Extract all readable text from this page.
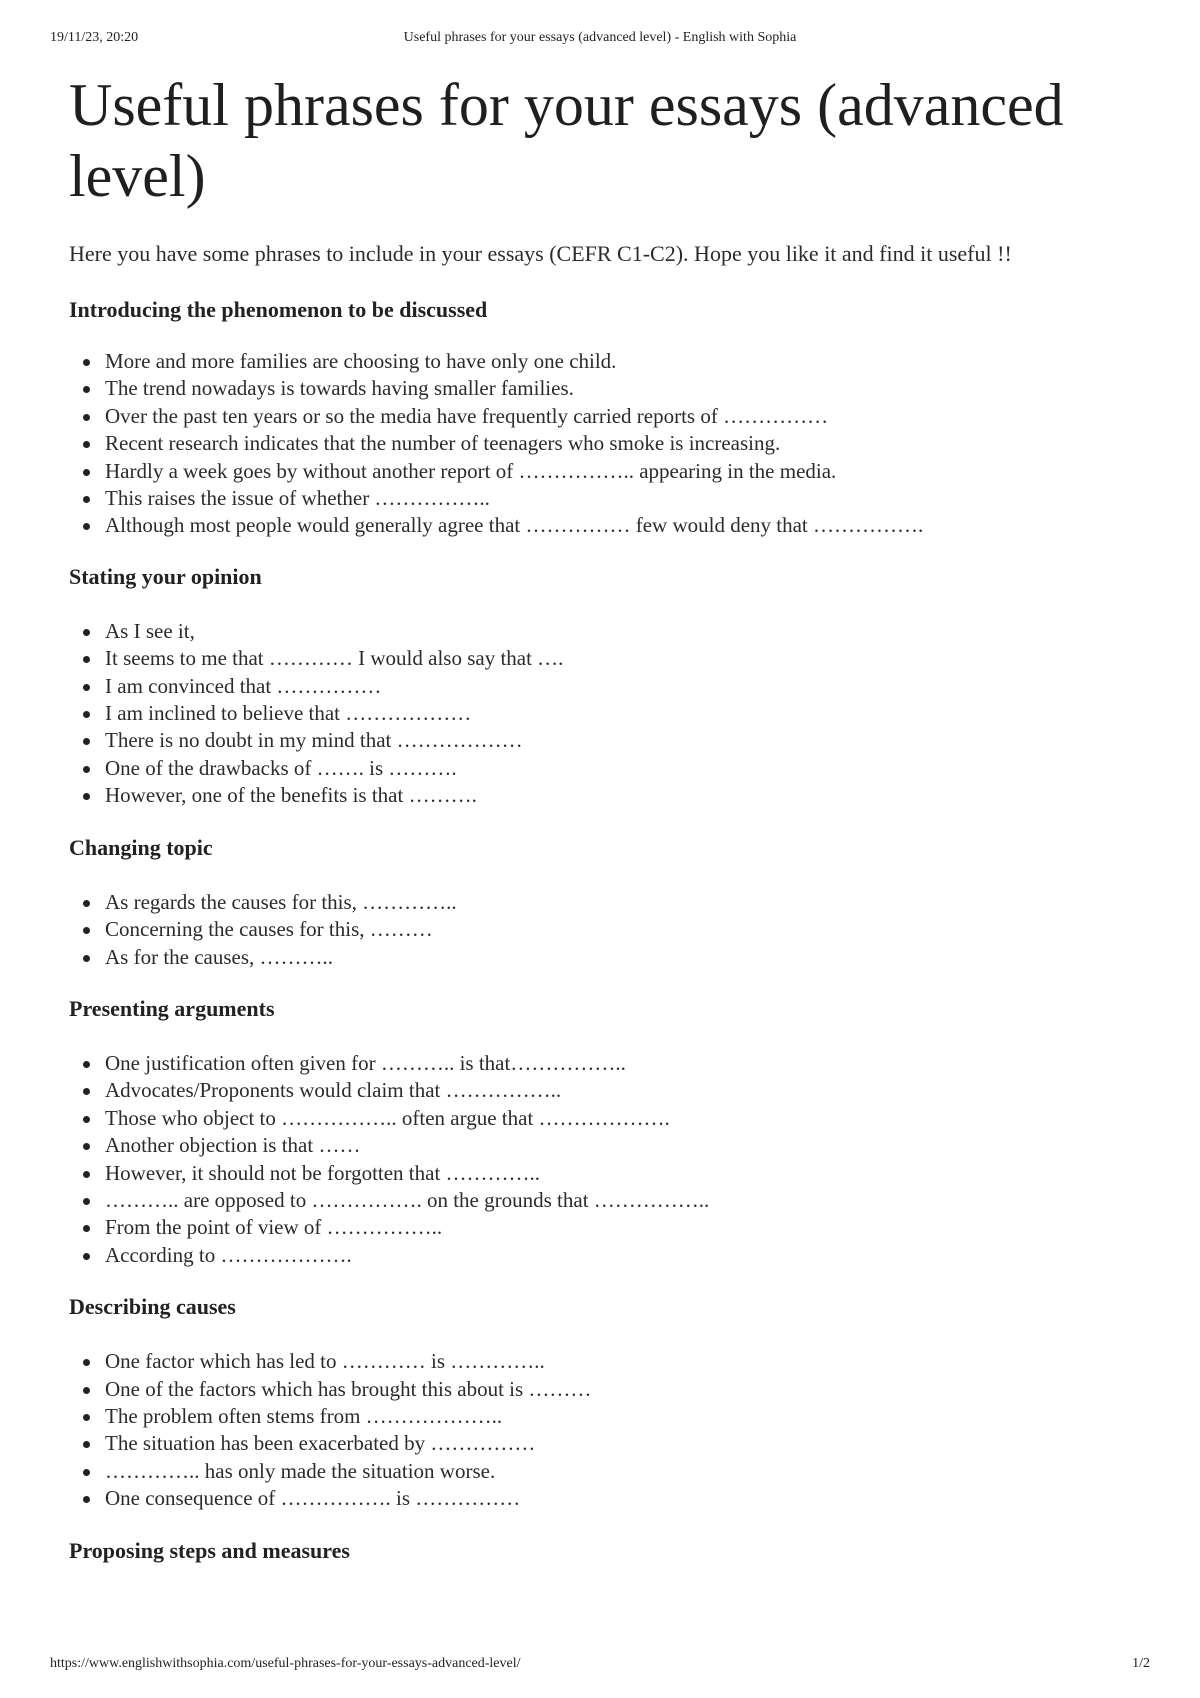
19/11/23, 20:20	Useful phrases for your essays (advanced level) - English with Sophia
Useful phrases for your essays (advanced level)

Here you have some phrases to include in your essays (CEFR C1-C2). Hope you like it and find it useful !!

Introducing the phenomenon to be discussed
More and more families are choosing to have only one child.
The trend nowadays is towards having smaller families.
Over the past ten years or so the media have frequently carried reports of ……………
Recent research indicates that the number of teenagers who smoke is increasing.
Hardly a week goes by without another report of …………….. appearing in the media.
This raises the issue of whether ……………..
Although most people would generally agree that …………… few would deny that …………….
Stating your opinion
As I see it,
It seems to me that ………… I would also say that ….
I am convinced that ……………
I am inclined to believe that ………………
There is no doubt in my mind that ………………
One of the drawbacks of ……. is ……….
However, one of the benefits is that ……….
Changing topic
As regards the causes for this, …………..
Concerning the causes for this, ………
As for the causes, ………..
Presenting arguments
One justification often given for ……….. is that……………..
Advocates/Proponents would claim that ……………..
Those who object to …………….. often argue that ……………….
Another objection is that ……
However, it should not be forgotten that …………..
……….. are opposed to ……………. on the grounds that ……………..
From the point of view of ……………..
According to ……………….
Describing causes
One factor which has led to ………… is …………..
One of the factors which has brought this about is ………
The problem often stems from ………………..
The situation has been exacerbated by ……………
………….. has only made the situation worse.
One consequence of ……………. is ……………
Proposing steps and measures
https://www.englishwithsophia.com/useful-phrases-for-your-essays-advanced-level/	1/2
